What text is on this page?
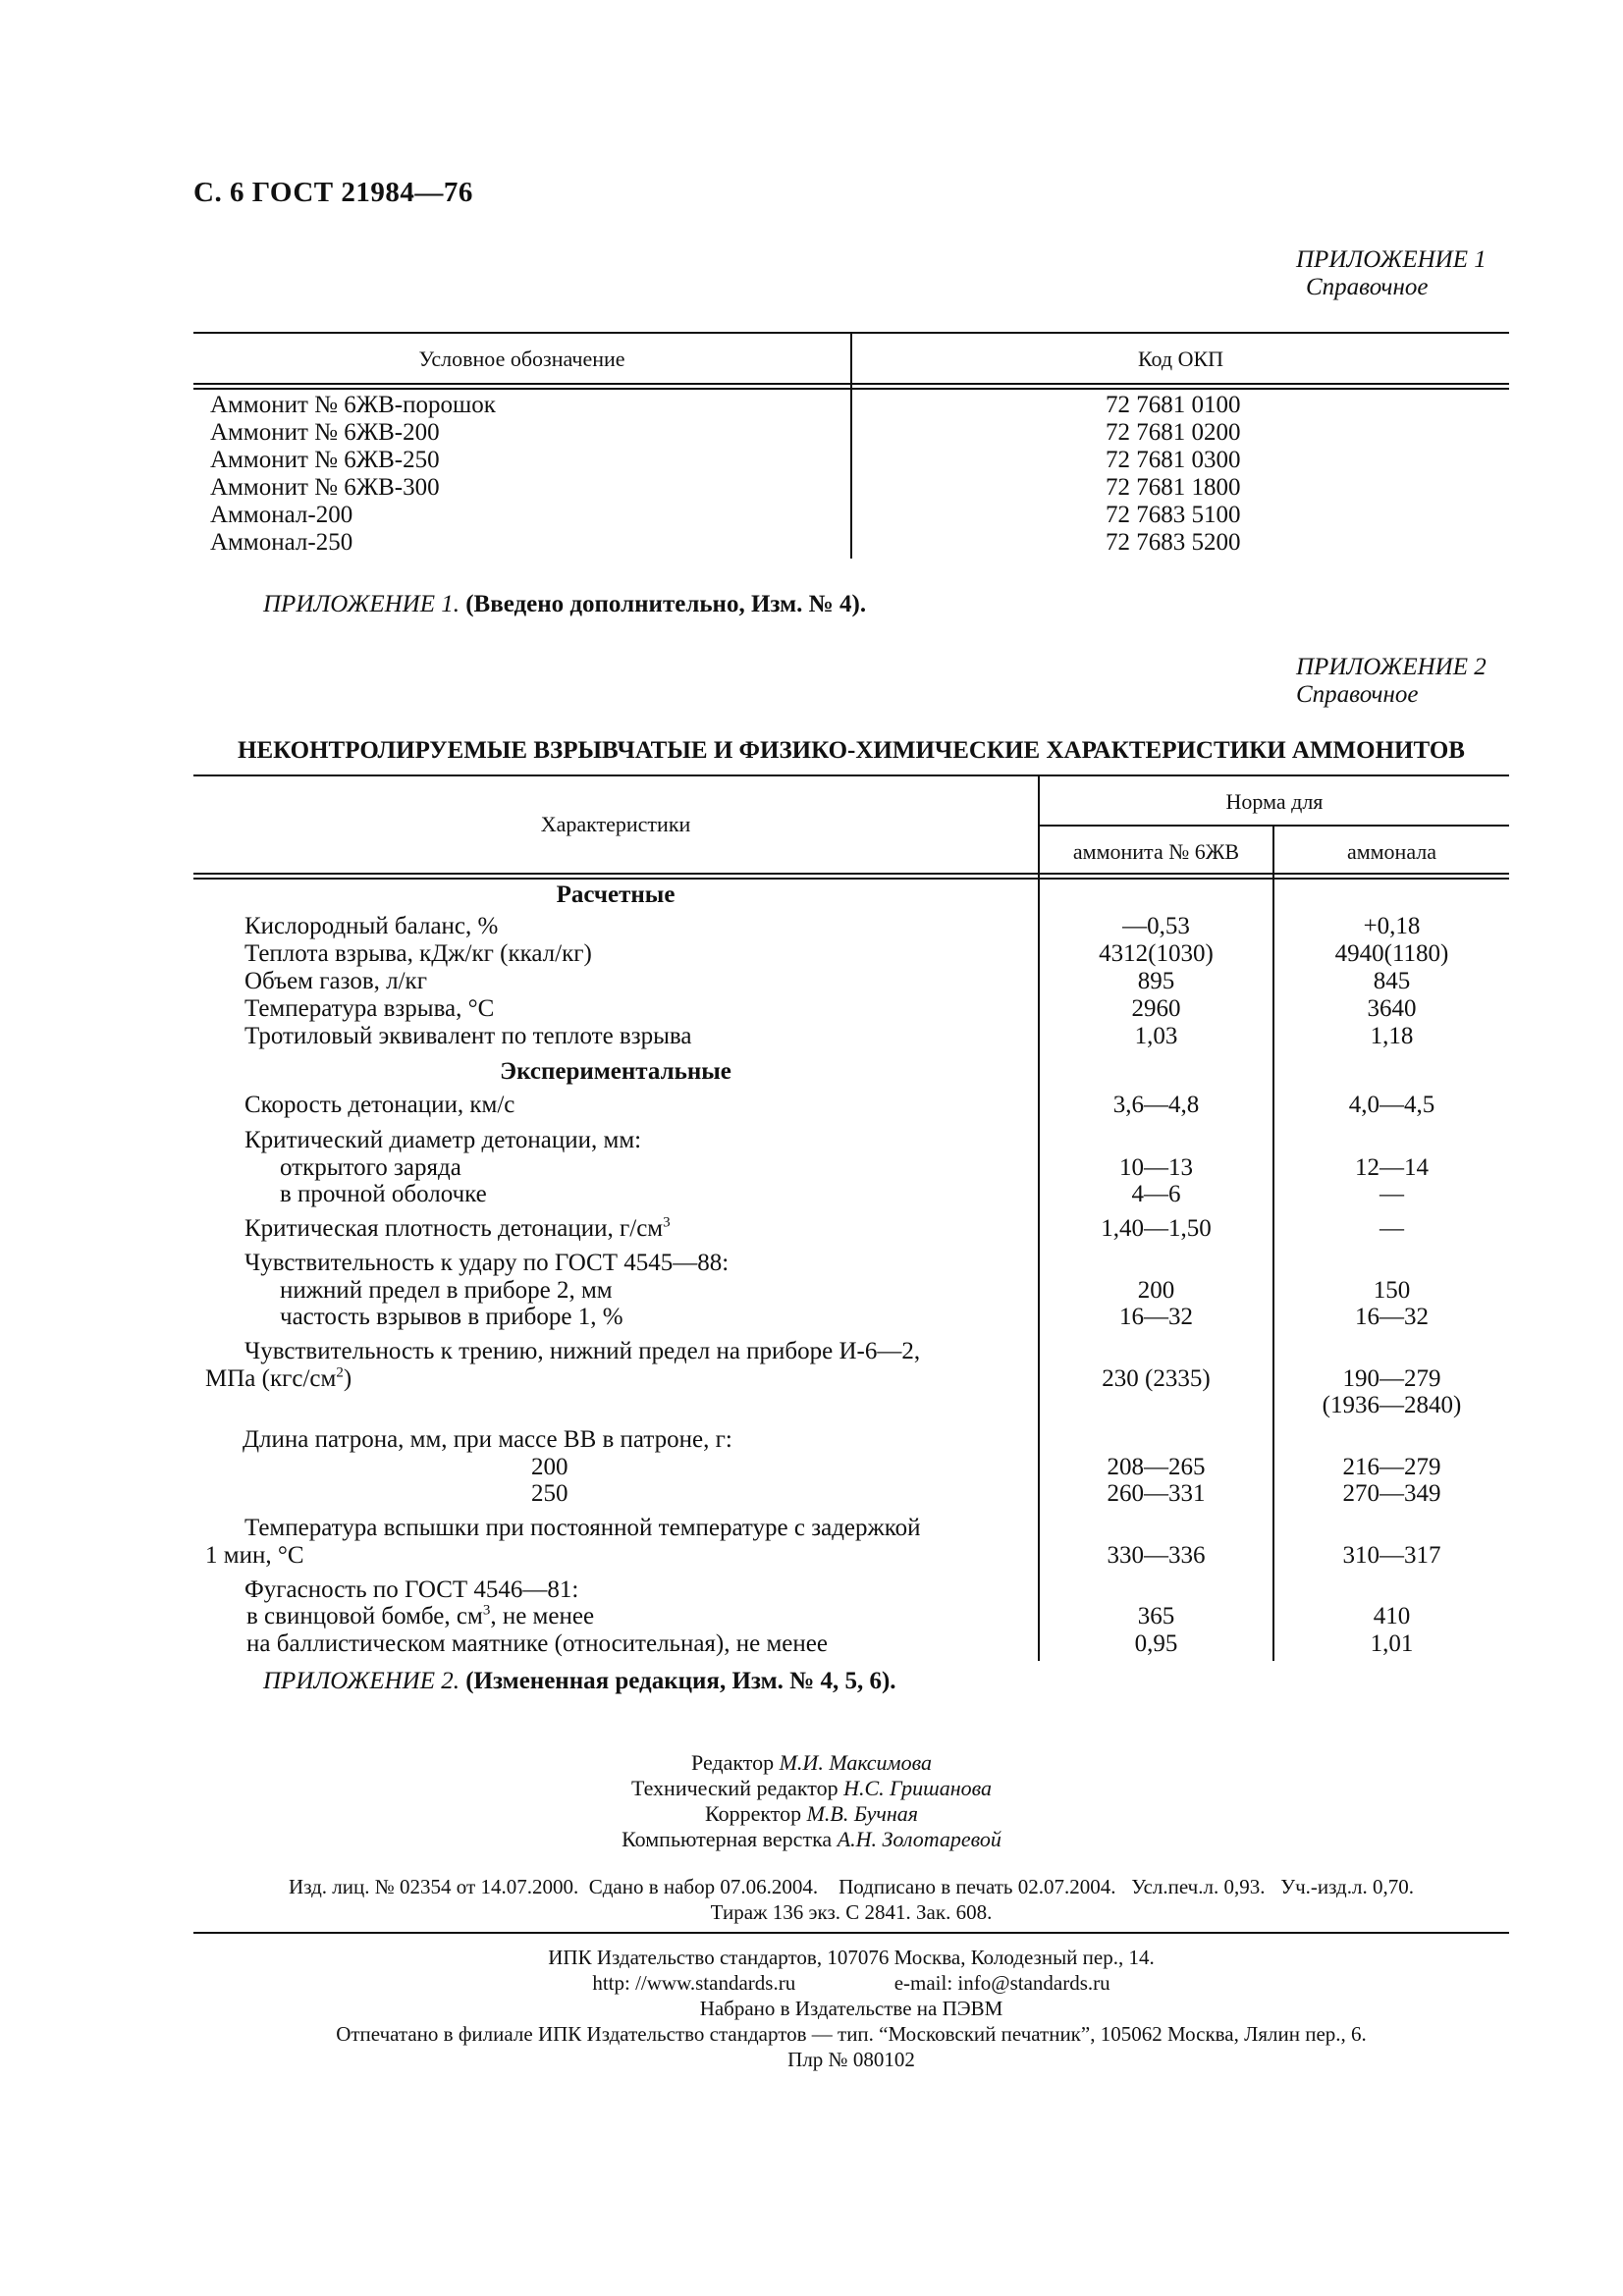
С. 6 ГОСТ 21984—76
ПРИЛОЖЕНИЕ 1
Справочное
Условное обозначение	Код ОКП
Аммонит № 6ЖВ-порошок	72 7681 0100
Аммонит № 6ЖВ-200	72 7681 0200
Аммонит № 6ЖВ-250	72 7681 0300
Аммонит № 6ЖВ-300	72 7681 1800
Аммонал-200	72 7683 5100
Аммонал-250	72 7683 5200
ПРИЛОЖЕНИЕ 1. (Введено дополнительно, Изм. № 4).
ПРИЛОЖЕНИЕ 2
Справочное
НЕКОНТРОЛИРУЕМЫЕ ВЗРЫВЧАТЫЕ И ФИЗИКО-ХИМИЧЕСКИЕ ХАРАКТЕРИСТИКИ АММОНИТОВ
Характеристики
Норма для
аммонита № 6ЖВ	аммонала
Расчетные
Кислородный баланс, %	—0,53	+0,18
Теплота взрыва, кДж/кг (ккал/кг)	4312(1030)	4940(1180)
Объем газов, л/кг	895	845
Температура взрыва, °С	2960	3640
Тротиловый эквивалент по теплоте взрыва	1,03	1,18
Экспериментальные
Скорость детонации, км/с	3,6—4,8	4,0—4,5
Критический диаметр детонации, мм:
открытого заряда	10—13	12—14
в прочной оболочке	4—6	—
Критическая плотность детонации, $г/см^3$	1,40—1,50	—
Чувствительность к удару по ГОСТ 4545—88:
нижний предел в приборе 2, мм	200	150
частость взрывов в приборе 1, %	16—32	16—32
Чувствительность к трению, нижний предел на приборе И-6—2,
МПа $(кгс/см^2)$	230 (2335)	190—279
(1936—2840)
Длина патрона, мм, при массе ВВ в патроне, г:
200	208—265	216—279
250	260—331	270—349
Температура вспышки при постоянной температуре с задержкой
1 мин, °С	330—336	310—317
Фугасность по ГОСТ 4546—81:
в свинцовой бомбе, $см^3$, не менее	365	410
на баллистическом маятнике (относительная), не менее	0,95	1,01
ПРИЛОЖЕНИЕ 2. (Измененная редакция, Изм. № 4, 5, 6).
Редактор М.И. Максимова
Технический редактор Н.С. Гришанова
Корректор М.В. Бучная
Компьютерная верстка А.Н. Золотаревой
Изд. лиц. № 02354 от 14.07.2000.  Сдано в набор 07.06.2004.    Подписано в печать 02.07.2004.   Усл.печ.л. 0,93.   Уч.-изд.л. 0,70.
Тираж 136 экз. С 2841. Зак. 608.
ИПК Издательство стандартов, 107076 Москва, Колодезный пер., 14.
http: //www.standards.ru	e-mail: info@standards.ru
Набрано в Издательстве на ПЭВМ
Отпечатано в филиале ИПК Издательство стандартов — тип. “Московский печатник”, 105062 Москва, Лялин пер., 6.
Плр № 080102
